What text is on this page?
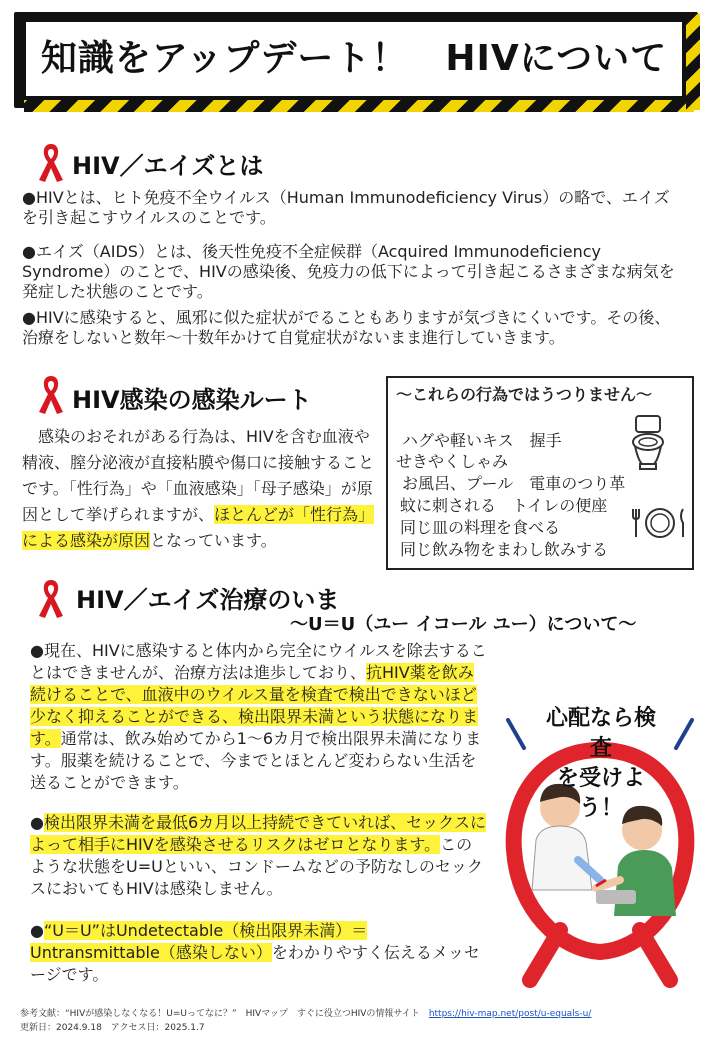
知識をアップデート！　HIVについて
HIV／エイズとは
●HIVとは、ヒト免疫不全ウイルス（Human Immunodeficiency Virus）の略で、エイズを引き起こすウイルスのことです。
●エイズ（AIDS）とは、後天性免疫不全症候群（Acquired Immunodeficiency Syndrome）のことで、HIVの感染後、免疫力の低下によって引き起こるさまざまな病気を発症した状態のことです。
●HIVに感染すると、風邪に似た症状がでることもありますが気づきにくいです。その後、治療をしないと数年〜十数年かけて自覚症状がないまま進行していきます。
HIV感染の感染ルート
　感染のおそれがある行為は、HIVを含む血液や精液、膣分泌液が直接粘膜や傷口に接触することです。「性行為」や「血液感染」「母子感染」が原因として挙げられますが、ほとんどが「性行為」による感染が原因となっています。
〜これらの行為ではうつりません〜
ハグや軽いキス　握手
せきやくしゃみ
お風呂、プール　電車のつり革
蚊に刺される　トイレの便座
同じ皿の料理を食べる
同じ飲み物をまわし飲みする
HIV／エイズ治療のいま
〜U＝U（ユー イコール ユー）について〜
●現在、HIVに感染すると体内から完全にウイルスを除去することはできませんが、治療方法は進歩しており、抗HIV薬を飲み続けることで、血液中のウイルス量を検査で検出できないほど少なく抑えることができる、検出限界未満という状態になります。通常は、飲み始めてから1〜6カ月で検出限界未満になります。服薬を続けることで、今までとほとんど変わらない生活を送ることができます。
●検出限界未満を最低6カ月以上持続できていれば、セックスによって相手にHIVを感染させるリスクはゼロとなります。このような状態をU=Uといい、コンドームなどの予防なしのセックスにおいてもHIVは感染しません。
●“U＝U”はUndetectable（検出限界未満）＝Untransmittable（感染しない）をわかりやすく伝えるメッセージです。
心配なら検査
を受けよう！
参考文献：“HIVが感染しなくなる！U=Uってなに？”　HIVマップ　すぐに役立つHIVの情報サイト　 https://hiv-map.net/post/u-equals-u/
更新日：2024.9.18　アクセス日：2025.1.7
